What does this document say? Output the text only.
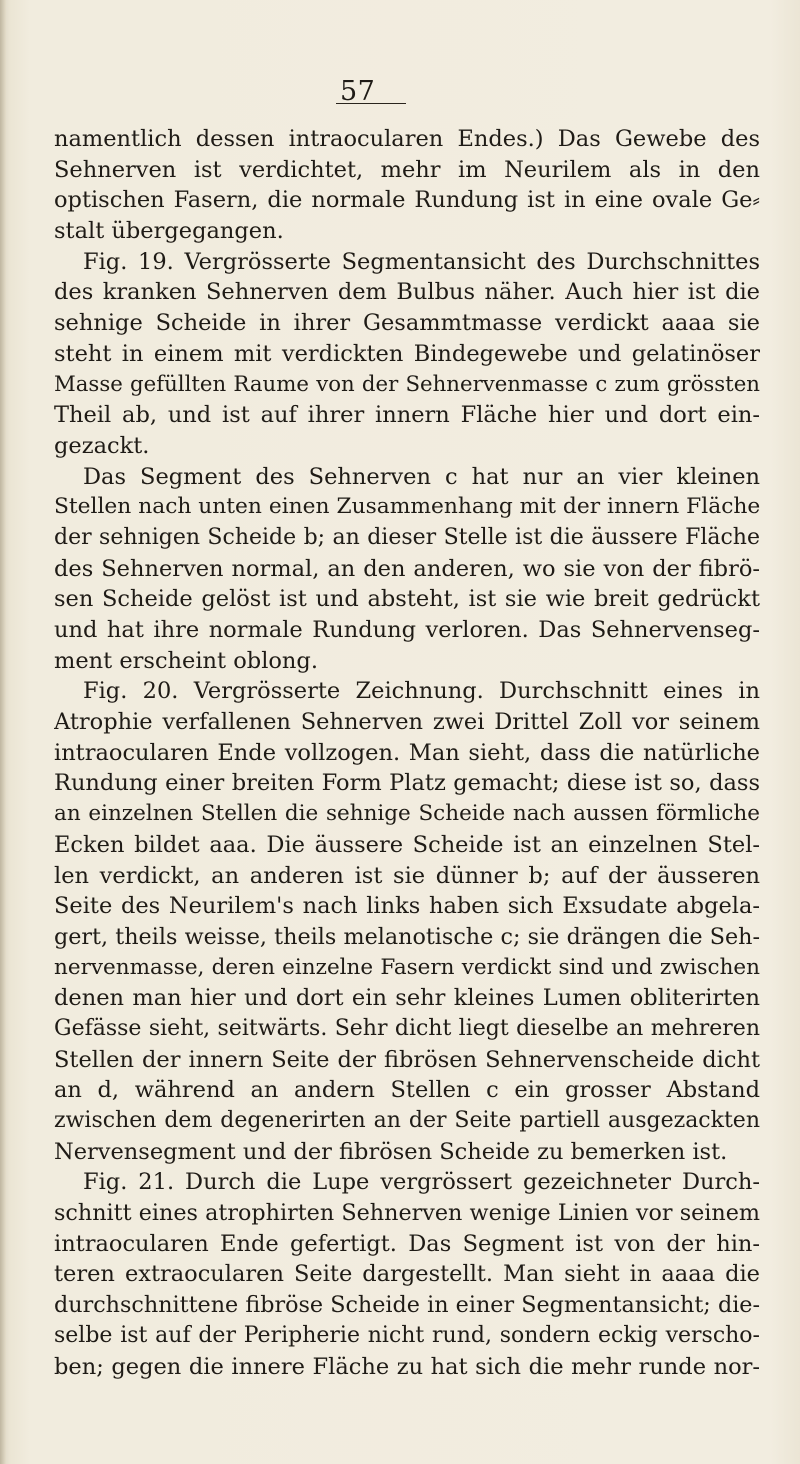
57
namentlich dessen intraocularen Endes.) Das Gewebe des
Sehnerven ist verdichtet, mehr im Neurilem als in den
optischen Fasern, die normale Rundung ist in eine ovale Ge⸗
stalt übergegangen.
Fig. 19. Vergrösserte Segmentansicht des Durchschnittes
des kranken Sehnerven dem Bulbus näher. Auch hier ist die
sehnige Scheide in ihrer Gesammtmasse verdickt aaaa sie
steht in einem mit verdickten Bindegewebe und gelatinöser
Masse gefüllten Raume von der Sehnervenmasse c zum grössten
Theil ab, und ist auf ihrer innern Fläche hier und dort ein-
gezackt.
Das Segment des Sehnerven c hat nur an vier kleinen
Stellen nach unten einen Zusammenhang mit der innern Fläche
der sehnigen Scheide b; an dieser Stelle ist die äussere Fläche
des Sehnerven normal, an den anderen, wo sie von der fibrö-
sen Scheide gelöst ist und absteht, ist sie wie breit gedrückt
und hat ihre normale Rundung verloren. Das Sehnervenseg-
ment erscheint oblong.
Fig. 20. Vergrösserte Zeichnung. Durchschnitt eines in
Atrophie verfallenen Sehnerven zwei Drittel Zoll vor seinem
intraocularen Ende vollzogen. Man sieht, dass die natürliche
Rundung einer breiten Form Platz gemacht; diese ist so, dass
an einzelnen Stellen die sehnige Scheide nach aussen förmliche
Ecken bildet aaa. Die äussere Scheide ist an einzelnen Stel-
len verdickt, an anderen ist sie dünner b; auf der äusseren
Seite des Neurilem's nach links haben sich Exsudate abgela-
gert, theils weisse, theils melanotische c; sie drängen die Seh-
nervenmasse, deren einzelne Fasern verdickt sind und zwischen
denen man hier und dort ein sehr kleines Lumen obliterirten
Gefässe sieht, seitwärts. Sehr dicht liegt dieselbe an mehreren
Stellen der innern Seite der fibrösen Sehnervenscheide dicht
an d, während an andern Stellen c ein grosser Abstand
zwischen dem degenerirten an der Seite partiell ausgezackten
Nervensegment und der fibrösen Scheide zu bemerken ist.
Fig. 21. Durch die Lupe vergrössert gezeichneter Durch-
schnitt eines atrophirten Sehnerven wenige Linien vor seinem
intraocularen Ende gefertigt. Das Segment ist von der hin-
teren extraocularen Seite dargestellt. Man sieht in aaaa die
durchschnittene fibröse Scheide in einer Segmentansicht; die-
selbe ist auf der Peripherie nicht rund, sondern eckig verscho-
ben; gegen die innere Fläche zu hat sich die mehr runde nor-
